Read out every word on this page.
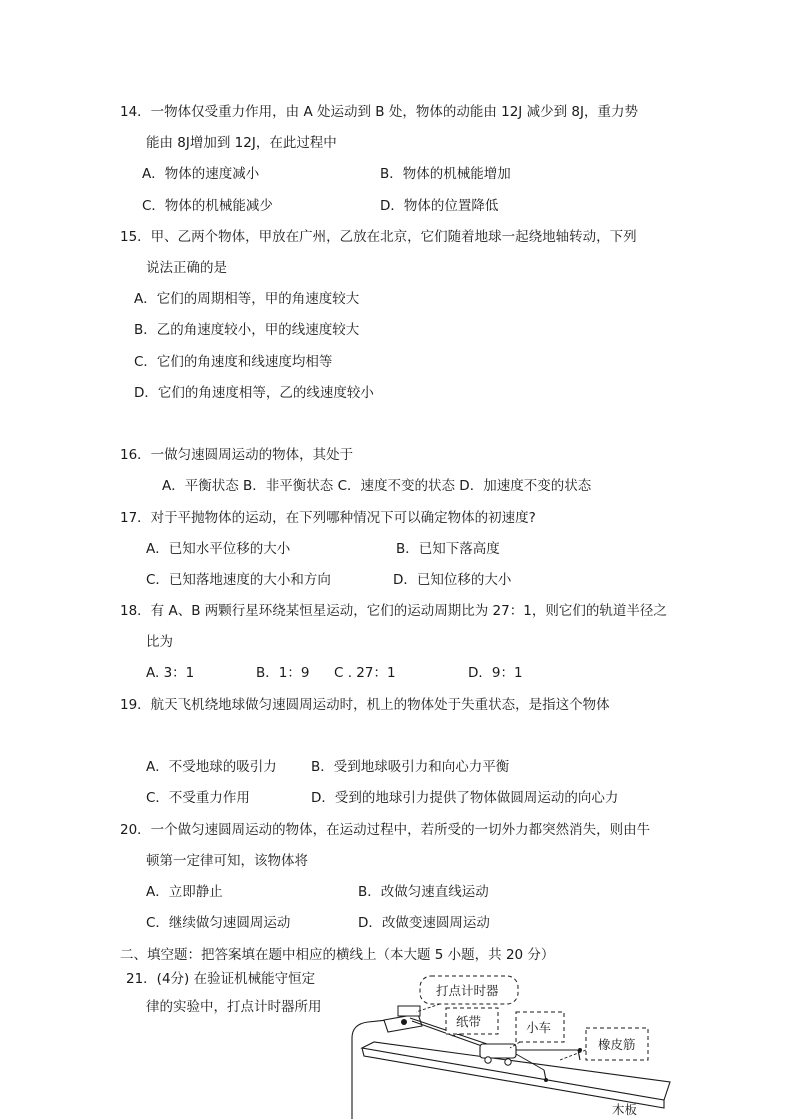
14．一物体仅受重力作用，由 A 处运动到 B 处，物体的动能由 12J 减少到 8J，重力势
能由 8J增加到 12J，在此过程中
A．物体的速度减小	B．物体的机械能增加
C．物体的机械能减少	D．物体的位置降低
15．甲、乙两个物体，甲放在广州，乙放在北京，它们随着地球一起绕地轴转动，下列
说法正确的是
A．它们的周期相等，甲的角速度较大
B．乙的角速度较小，甲的线速度较大
C．它们的角速度和线速度均相等
D．它们的角速度相等，乙的线速度较小
16．一做匀速圆周运动的物体，其处于
A．平衡状态 B．非平衡状态 C．速度不变的状态 D．加速度不变的状态
17．对于平抛物体的运动，在下列哪种情况下可以确定物体的初速度?
A．已知水平位移的大小	B．已知下落高度
C．已知落地速度的大小和方向	D．已知位移的大小
18．有 A、B 两颗行星环绕某恒星运动，它们的运动周期比为 27：1，则它们的轨道半径之
比为
A. 3：1	B．1：9 C . 27：1	D．9：1
19．航天飞机绕地球做匀速圆周运动时，机上的物体处于失重状态，是指这个物体
A．不受地球的吸引力	B．受到地球吸引力和向心力平衡
C．不受重力作用	D．受到的地球引力提供了物体做圆周运动的向心力
20．一个做匀速圆周运动的物体，在运动过程中，若所受的一切外力都突然消失，则由牛
顿第一定律可知，该物体将
A．立即静止	B．改做匀速直线运动
C．继续做匀速圆周运动	D．改做变速圆周运动
二、填空题：把答案填在题中相应的横线上（本大题 5 小题，共 20 分）
21．(4分) 在验证机械能守恒定
律的实验中，打点计时器所用
打点计时器
纸带	小车
橡皮筋
木板
